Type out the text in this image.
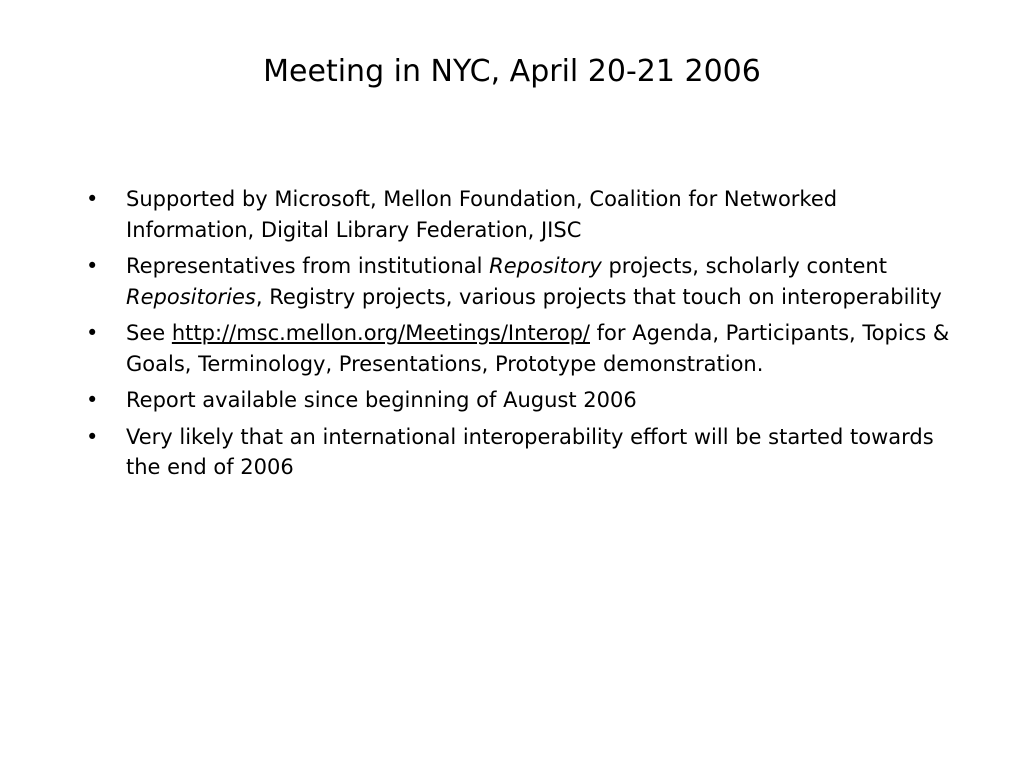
Meeting in NYC, April 20-21 2006
•	Supported by Microsoft, Mellon Foundation, Coalition for Networked Information, Digital Library Federation, JISC
•	Representatives from institutional Repository projects, scholarly content Repositories, Registry projects, various projects that touch on interoperability
•	See http://msc.mellon.org/Meetings/Interop/ for Agenda, Participants, Topics & Goals, Terminology, Presentations, Prototype demonstration.
•	Report available since beginning of August 2006
•	Very likely that an international interoperability effort will be started towards the end of 2006
